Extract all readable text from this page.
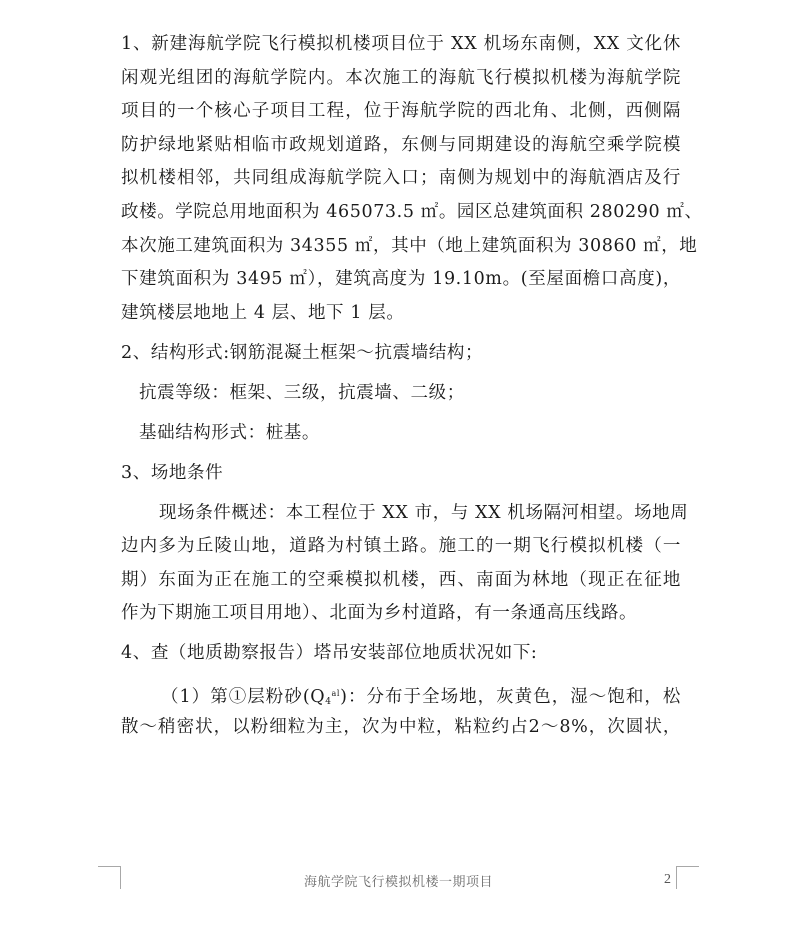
1、新建海航学院飞行模拟机楼项目位于 XX 机场东南侧，XX 文化休
闲观光组团的海航学院内。本次施工的海航飞行模拟机楼为海航学院
项目的一个核心子项目工程，位于海航学院的西北角、北侧，西侧隔
防护绿地紧贴相临市政规划道路，东侧与同期建设的海航空乘学院模
拟机楼相邻，共同组成海航学院入口；南侧为规划中的海航酒店及行
政楼。学院总用地面积为 465073.5 ㎡。园区总建筑面积 280290 ㎡、
本次施工建筑面积为 34355 ㎡，其中（地上建筑面积为 30860 ㎡，地
下建筑面积为 3495 ㎡），建筑高度为 19.10m。(至屋面檐口高度)，
建筑楼层地地上 4 层、地下 1 层。
2、结构形式:钢筋混凝土框架～抗震墙结构；
抗震等级：框架、三级，抗震墙、二级；
基础结构形式：桩基。
3、场地条件
现场条件概述：本工程位于 XX 市，与 XX 机场隔河相望。场地周
边内多为丘陵山地，道路为村镇土路。施工的一期飞行模拟机楼（一
期）东面为正在施工的空乘模拟机楼，西、南面为林地（现正在征地
作为下期施工项目用地）、北面为乡村道路，有一条通高压线路。
4、查（地质勘察报告）塔吊安装部位地质状况如下:
（1）第①层粉砂$(Q_4^{al})$：分布于全场地，灰黄色，湿～饱和，松
散～稍密状，以粉细粒为主，次为中粒，粘粒约占2～8%，次圆状，
海航学院飞行模拟机楼一期项目	2
